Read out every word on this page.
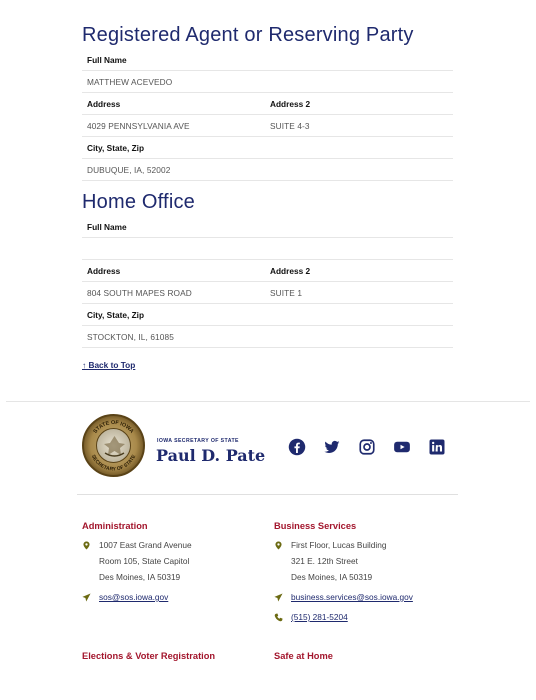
Registered Agent or Reserving Party
Full Name
MATTHEW ACEVEDO
Address	Address 2
4029 PENNSYLVANIA AVE	SUITE 4-3
City, State, Zip
DUBUQUE, IA, 52002
Home Office
Full Name
Address	Address 2
804 SOUTH MAPES ROAD	SUITE 1
City, State, Zip
STOCKTON, IL, 61085
↑ Back to Top
STATE OF IOWA
SECRETARY OF STATE
IOWA SECRETARY OF STATE
Paul D. Pate
Administration
1007 East Grand Avenue
Room 105, State Capitol
Des Moines, IA 50319
sos@sos.iowa.gov
Business Services
First Floor, Lucas Building
321 E. 12th Street
Des Moines, IA 50319
business.services@sos.iowa.gov
(515) 281-5204
Elections & Voter Registration	Safe at Home
